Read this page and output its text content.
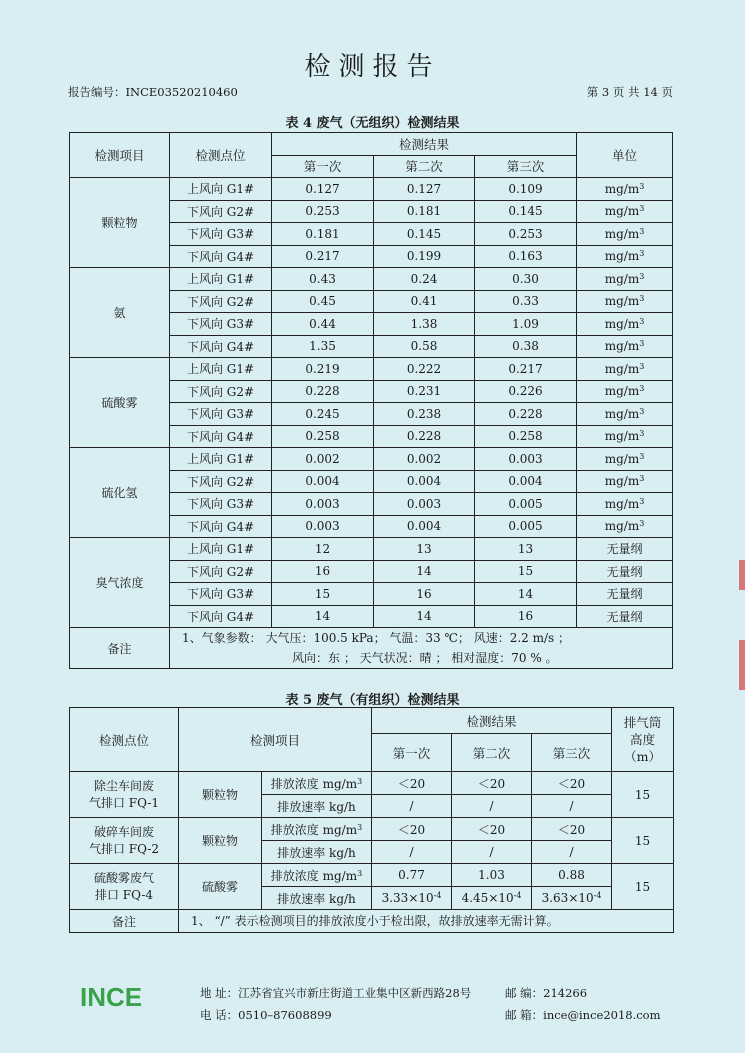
检测报告
报告编号：INCE03520210460	第 3 页 共 14 页
表 4 废气（无组织）检测结果
检测项目	检测点位	检测结果			单位
		第一次	第二次	第三次	
颗粒物	上风向 G1#	0.127	0.127	0.109	$mg/m^3$
	下风向 G2#	0.253	0.181	0.145	$mg/m^3$
	下风向 G3#	0.181	0.145	0.253	$mg/m^3$
	下风向 G4#	0.217	0.199	0.163	$mg/m^3$
氨	上风向 G1#	0.43	0.24	0.30	$mg/m^3$
	下风向 G2#	0.45	0.41	0.33	$mg/m^3$
	下风向 G3#	0.44	1.38	1.09	$mg/m^3$
	下风向 G4#	1.35	0.58	0.38	$mg/m^3$
硫酸雾	上风向 G1#	0.219	0.222	0.217	$mg/m^3$
	下风向 G2#	0.228	0.231	0.226	$mg/m^3$
	下风向 G3#	0.245	0.238	0.228	$mg/m^3$
	下风向 G4#	0.258	0.228	0.258	$mg/m^3$
硫化氢	上风向 G1#	0.002	0.002	0.003	$mg/m^3$
	下风向 G2#	0.004	0.004	0.004	$mg/m^3$
	下风向 G3#	0.003	0.003	0.005	$mg/m^3$
	下风向 G4#	0.003	0.004	0.005	$mg/m^3$
臭气浓度	上风向 G1#	12	13	13	无量纲
	下风向 G2#	16	14	15	无量纲
	下风向 G3#	15	16	14	无量纲
	下风向 G4#	14	14	16	无量纲
备注	1、气象参数： 大气压：100.5 kPa； 气温：33 ℃； 风速：2.2 m/s ；
风向：东 ； 天气状况：晴 ； 相对湿度：70 % 。				
表 5 废气（有组织）检测结果
检测点位	检测项目		检测结果			排气筒
高度
（m）
			第一次	第二次	第三次	

除尘车间废
气排口 FQ-1	颗粒物	排放浓度 $mg/m^3$	＜20	＜20	＜20	15
		排放速率 kg/h	/	/	/	

破碎车间废
气排口 FQ-2	颗粒物	排放浓度 $mg/m^3$	＜20	＜20	＜20	15
		排放速率 kg/h	/	/	/	

硫酸雾废气
排口 FQ-4	硫酸雾	排放浓度 $mg/m^3$	0.77	1.03	0.88	15
		排放速率 kg/h	$3.33\times 10^{-4}$	$4.45\times 10^{-4}$	$3.63\times 10^{-4}$
备注	1、 “/” 表示检测项目的排放浓度小于检出限，故排放速率无需计算。					
INCE	地 址：江苏省宜兴市新庄街道工业集中区新西路28号
电 话：0510–87608899
邮 编：214266
邮 箱：ince@ince2018.com
